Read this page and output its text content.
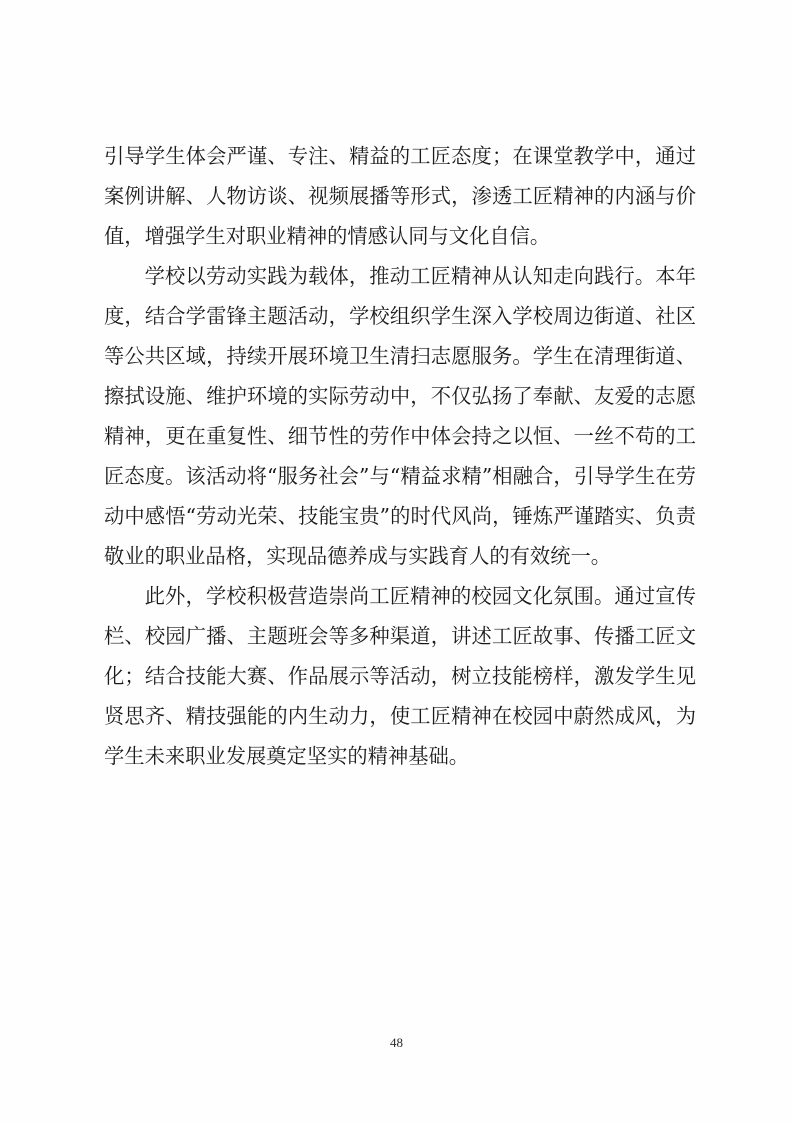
引导学生体会严谨、专注、精益的工匠态度；在课堂教学中，通过案例讲解、人物访谈、视频展播等形式，渗透工匠精神的内涵与价值，增强学生对职业精神的情感认同与文化自信。

学校以劳动实践为载体，推动工匠精神从认知走向践行。本年度，结合学雷锋主题活动，学校组织学生深入学校周边街道、社区等公共区域，持续开展环境卫生清扫志愿服务。学生在清理街道、擦拭设施、维护环境的实际劳动中，不仅弘扬了奉献、友爱的志愿精神，更在重复性、细节性的劳作中体会持之以恒、一丝不苟的工匠态度。该活动将“服务社会”与“精益求精”相融合，引导学生在劳动中感悟“劳动光荣、技能宝贵”的时代风尚，锤炼严谨踏实、负责敬业的职业品格，实现品德养成与实践育人的有效统一。

此外，学校积极营造崇尚工匠精神的校园文化氛围。通过宣传栏、校园广播、主题班会等多种渠道，讲述工匠故事、传播工匠文化；结合技能大赛、作品展示等活动，树立技能榜样，激发学生见贤思齐、精技强能的内生动力，使工匠精神在校园中蔚然成风，为学生未来职业发展奠定坚实的精神基础。

48
